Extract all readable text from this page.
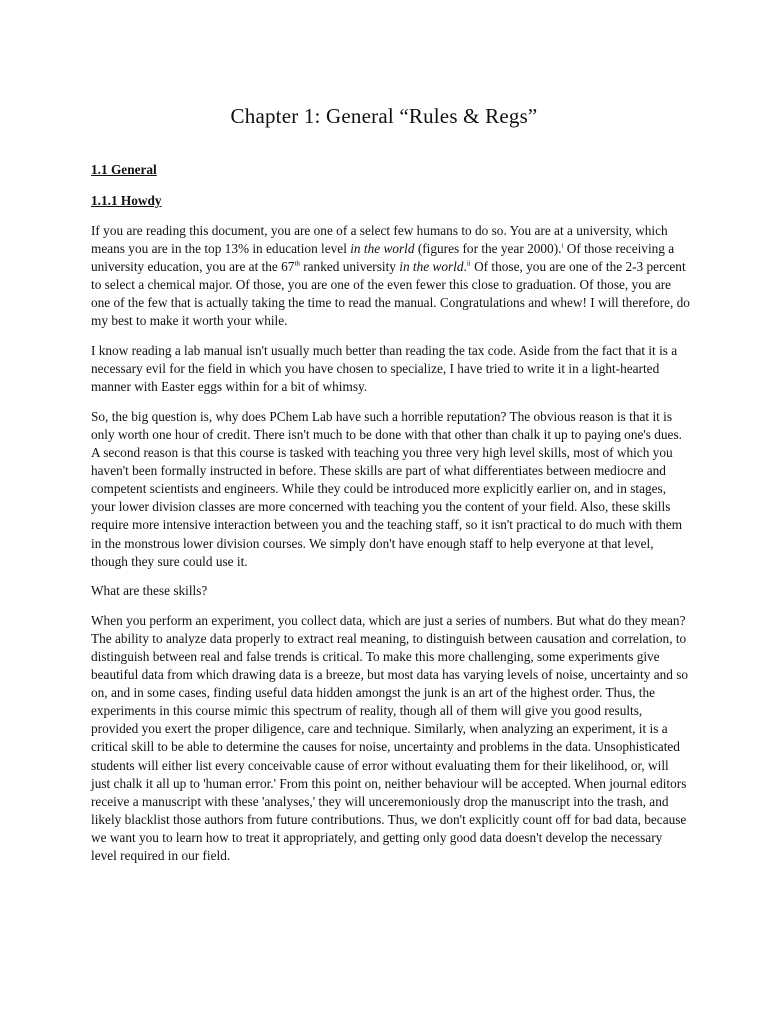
Chapter 1: General “Rules & Regs”
1.1 General
1.1.1 Howdy

If you are reading this document, you are one of a select few humans to do so. You are at a university, which means you are in the top 13% in education level in the world (figures for the year 2000).$^i$ Of those receiving a university education, you are at the 67th ranked university in the world.$^{ii}$ Of those, you are one of the 2-3 percent to select a chemical major. Of those, you are one of the even fewer this close to graduation. Of those, you are one of the few that is actually taking the time to read the manual. Congratulations and whew! I will therefore, do my best to make it worth your while.

I know reading a lab manual isn't usually much better than reading the tax code. Aside from the fact that it is a necessary evil for the field in which you have chosen to specialize, I have tried to write it in a light-hearted manner with Easter eggs within for a bit of whimsy.

So, the big question is, why does PChem Lab have such a horrible reputation? The obvious reason is that it is only worth one hour of credit. There isn't much to be done with that other than chalk it up to paying one's dues. A second reason is that this course is tasked with teaching you three very high level skills, most of which you haven't been formally instructed in before. These skills are part of what differentiates between mediocre and competent scientists and engineers. While they could be introduced more explicitly earlier on, and in stages, your lower division classes are more concerned with teaching you the content of your field. Also, these skills require more intensive interaction between you and the teaching staff, so it isn't practical to do much with them in the monstrous lower division courses. We simply don't have enough staff to help everyone at that level, though they sure could use it.

What are these skills?

When you perform an experiment, you collect data, which are just a series of numbers. But what do they mean? The ability to analyze data properly to extract real meaning, to distinguish between causation and correlation, to distinguish between real and false trends is critical. To make this more challenging, some experiments give beautiful data from which drawing data is a breeze, but most data has varying levels of noise, uncertainty and so on, and in some cases, finding useful data hidden amongst the junk is an art of the highest order. Thus, the experiments in this course mimic this spectrum of reality, though all of them will give you good results, provided you exert the proper diligence, care and technique. Similarly, when analyzing an experiment, it is a critical skill to be able to determine the causes for noise, uncertainty and problems in the data. Unsophisticated students will either list every conceivable cause of error without evaluating them for their likelihood, or, will just chalk it all up to 'human error.' From this point on, neither behaviour will be accepted. When journal editors receive a manuscript with these 'analyses,' they will unceremoniously drop the manuscript into the trash, and likely blacklist those authors from future contributions. Thus, we don't explicitly count off for bad data, because we want you to learn how to treat it appropriately, and getting only good data doesn't develop the necessary level required in our field.
